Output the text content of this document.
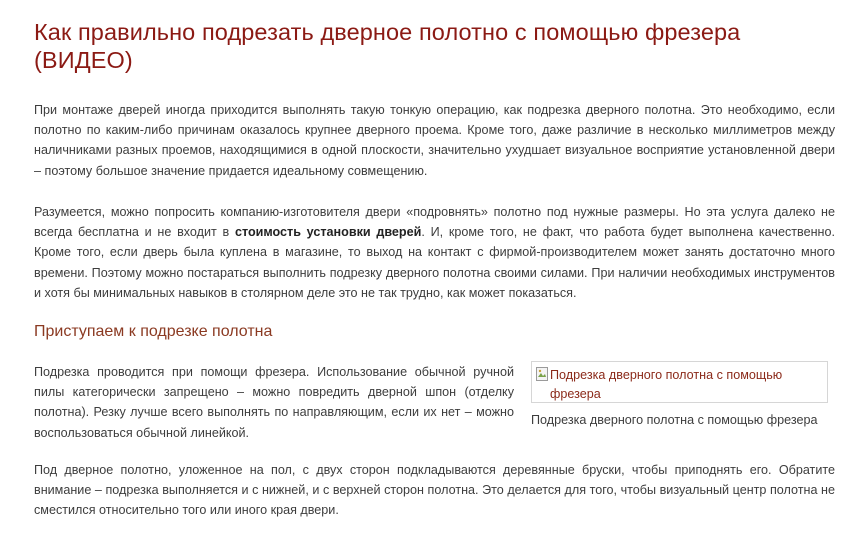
Как правильно подрезать дверное полотно с помощью фрезера (ВИДЕО)

При монтаже дверей иногда приходится выполнять такую тонкую операцию, как подрезка дверного полотна. Это необходимо, если полотно по каким-либо причинам оказалось крупнее дверного проема. Кроме того, даже различие в несколько миллиметров между наличниками разных проемов, находящимися в одной плоскости, значительно ухудшает визуальное восприятие установленной двери – поэтому большое значение придается идеальному совмещению.

Разумеется, можно попросить компанию-изготовителя двери «подровнять» полотно под нужные размеры. Но эта услуга далеко не всегда бесплатна и не входит в стоимость установки дверей. И, кроме того, не факт, что работа будет выполнена качественно. Кроме того, если дверь была куплена в магазине, то выход на контакт с фирмой-производителем может занять достаточно много времени. Поэтому можно постараться выполнить подрезку дверного полотна своими силами. При наличии необходимых инструментов и хотя бы минимальных навыков в столярном деле это не так трудно, как может показаться.

Приступаем к подрезке полотна

Подрезка проводится при помощи фрезера. Использование обычной ручной пилы категорически запрещено – можно повредить дверной шпон (отделку полотна). Резку лучше всего выполнять по направляющим, если их нет – можно воспользоваться обычной линейкой.

Подрезка дверного полотна с помощью фрезера
Подрезка дверного полотна с помощью фрезера

Под дверное полотно, уложенное на пол, с двух сторон подкладываются деревянные бруски, чтобы приподнять его. Обратите внимание – подрезка выполняется и с нижней, и с верхней сторон полотна. Это делается для того, чтобы визуальный центр полотна не сместился относительно того или иного края двери.
